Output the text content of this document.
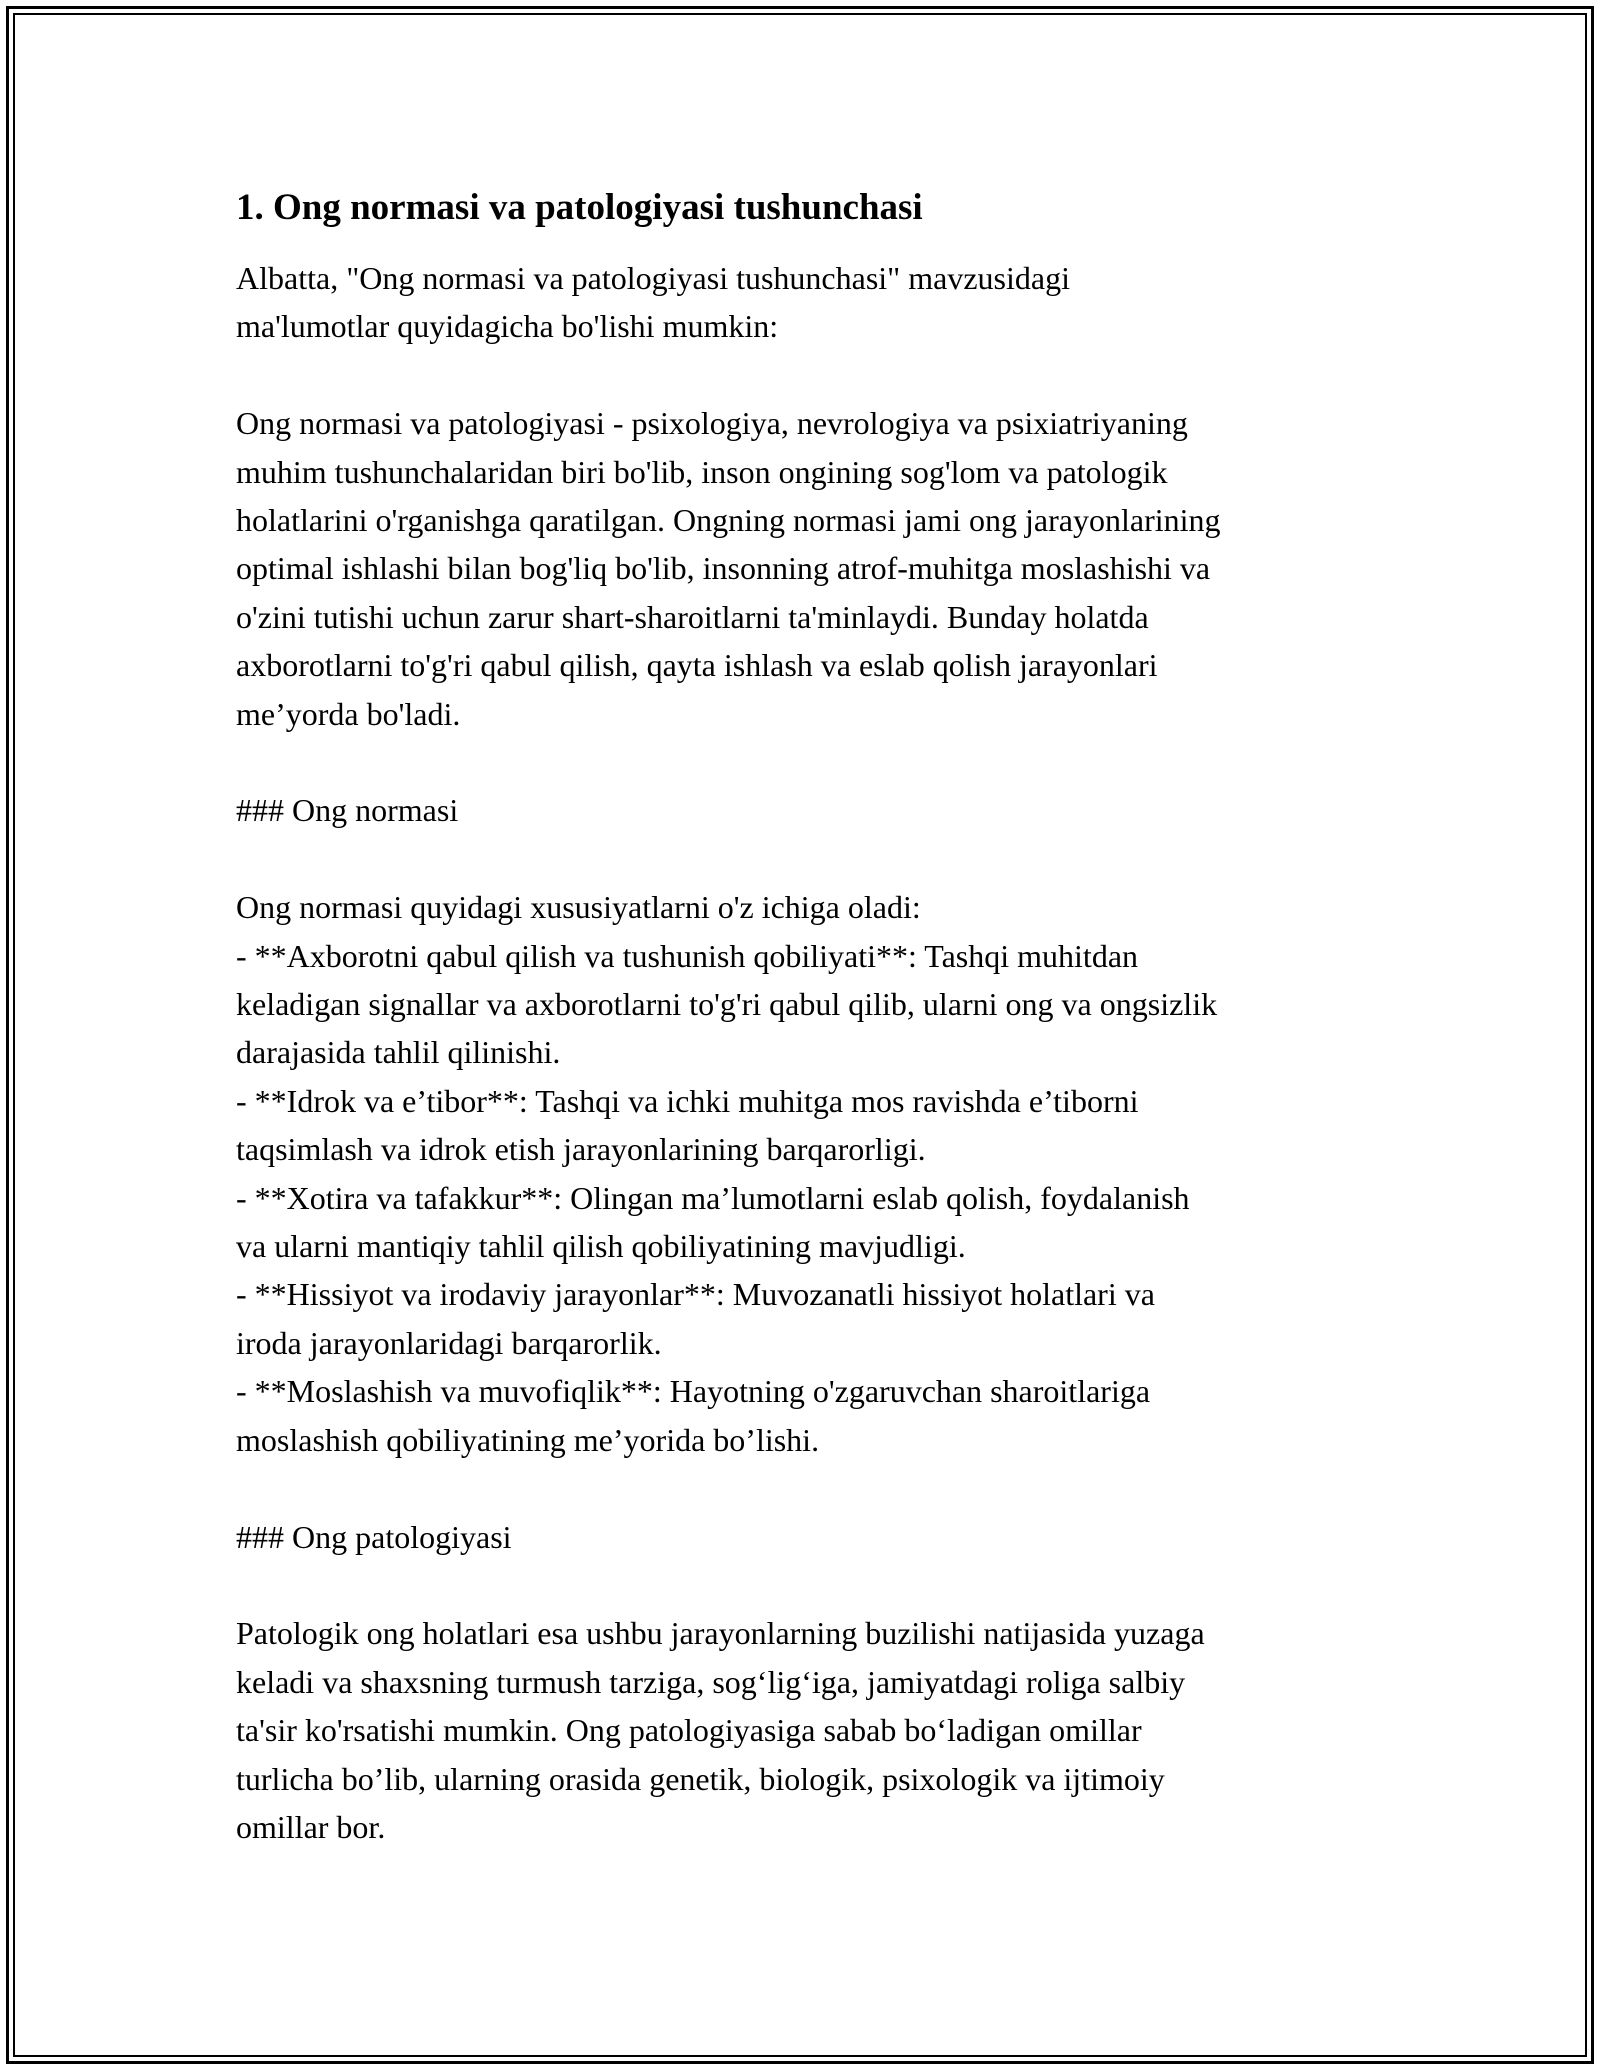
1. Ong normasi va patologiyasi tushunchasi

Albatta, "Ong normasi va patologiyasi tushunchasi" mavzusidagi
ma'lumotlar quyidagicha bo'lishi mumkin:

Ong normasi va patologiyasi - psixologiya, nevrologiya va psixiatriyaning
muhim tushunchalaridan biri bo'lib, inson ongining sog'lom va patologik
holatlarini o'rganishga qaratilgan. Ongning normasi jami ong jarayonlarining
optimal ishlashi bilan bog'liq bo'lib, insonning atrof-muhitga moslashishi va
o'zini tutishi uchun zarur shart-sharoitlarni ta'minlaydi. Bunday holatda
axborotlarni to'g'ri qabul qilish, qayta ishlash va eslab qolish jarayonlari
me’yorda bo'ladi.

### Ong normasi

Ong normasi quyidagi xususiyatlarni o'z ichiga oladi:
- **Axborotni qabul qilish va tushunish qobiliyati**: Tashqi muhitdan
keladigan signallar va axborotlarni to'g'ri qabul qilib, ularni ong va ongsizlik
darajasida tahlil qilinishi.
- **Idrok va e’tibor**: Tashqi va ichki muhitga mos ravishda e’tiborni
taqsimlash va idrok etish jarayonlarining barqarorligi.
- **Xotira va tafakkur**: Olingan ma’lumotlarni eslab qolish, foydalanish
va ularni mantiqiy tahlil qilish qobiliyatining mavjudligi.
- **Hissiyot va irodaviy jarayonlar**: Muvozanatli hissiyot holatlari va
iroda jarayonlaridagi barqarorlik.
- **Moslashish va muvofiqlik**: Hayotning o'zgaruvchan sharoitlariga
moslashish qobiliyatining me’yorida bo’lishi.

### Ong patologiyasi

Patologik ong holatlari esa ushbu jarayonlarning buzilishi natijasida yuzaga
keladi va shaxsning turmush tarziga, sog‘lig‘iga, jamiyatdagi roliga salbiy
ta'sir ko'rsatishi mumkin. Ong patologiyasiga sabab bo‘ladigan omillar
turlicha bo’lib, ularning orasida genetik, biologik, psixologik va ijtimoiy
omillar bor.
